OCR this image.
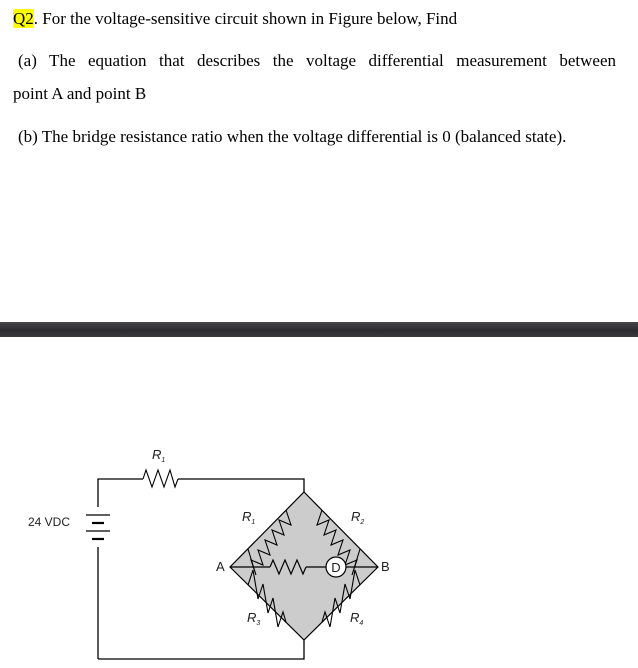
Q2. For the voltage-sensitive circuit shown in Figure below, Find
(a) The equation that describes the voltage differential measurement between
point A and point B
(b) The bridge resistance ratio when the voltage differential is 0 (balanced state).
$R_1$
24 VDC
D
A	B
$R_1$	$R_2$
$R_3$	$R_4$
